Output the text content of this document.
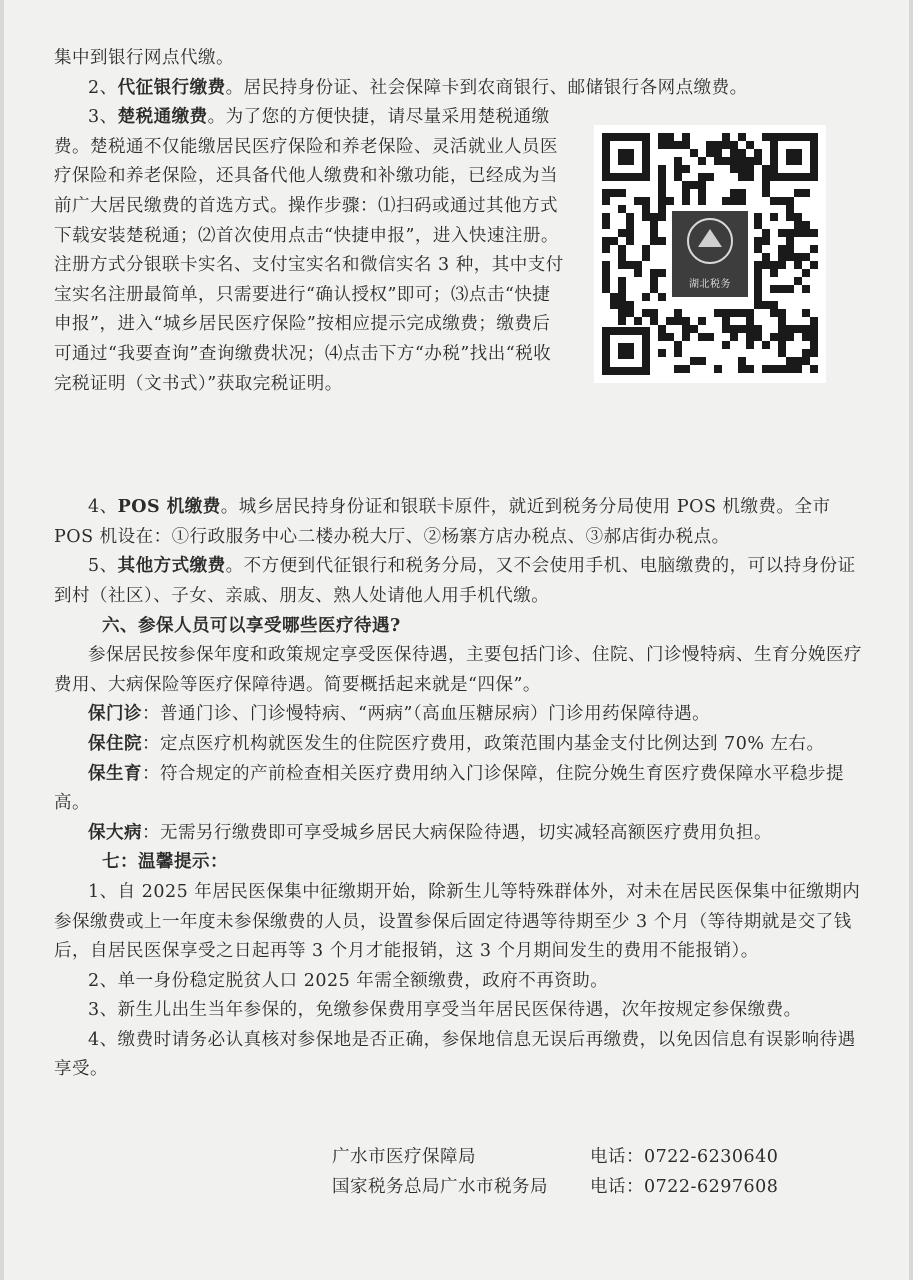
集中到银行网点代缴。

2、代征银行缴费。居民持身份证、社会保障卡到农商银行、邮储银行各网点缴费。

湖北税务

3、楚税通缴费。为了您的方便快捷，请尽量采用楚税通缴费。楚税通不仅能缴居民医疗保险和养老保险、灵活就业人员医疗保险和养老保险，还具备代他人缴费和补缴功能，已经成为当前广大居民缴费的首选方式。操作步骤：⑴扫码或通过其他方式下载安装楚税通；⑵首次使用点击“快捷申报”，进入快速注册。注册方式分银联卡实名、支付宝实名和微信实名 3 种，其中支付宝实名注册最简单，只需要进行“确认授权”即可；⑶点击“快捷申报”，进入“城乡居民医疗保险”按相应提示完成缴费；缴费后可通过“我要查询”查询缴费状况；⑷点击下方“办税”找出“税收完税证明（文书式）”获取完税证明。

4、POS 机缴费。城乡居民持身份证和银联卡原件，就近到税务分局使用 POS 机缴费。全市 POS 机设在：①行政服务中心二楼办税大厅、②杨寨方店办税点、③郝店街办税点。

5、其他方式缴费。不方便到代征银行和税务分局，又不会使用手机、电脑缴费的，可以持身份证到村（社区）、子女、亲戚、朋友、熟人处请他人用手机代缴。

六、参保人员可以享受哪些医疗待遇?

参保居民按参保年度和政策规定享受医保待遇，主要包括门诊、住院、门诊慢特病、生育分娩医疗费用、大病保险等医疗保障待遇。简要概括起来就是“四保”。

保门诊：普通门诊、门诊慢特病、“两病”（高血压糖尿病）门诊用药保障待遇。

保住院：定点医疗机构就医发生的住院医疗费用，政策范围内基金支付比例达到 70% 左右。

保生育：符合规定的产前检查相关医疗费用纳入门诊保障，住院分娩生育医疗费保障水平稳步提高。

保大病：无需另行缴费即可享受城乡居民大病保险待遇，切实减轻高额医疗费用负担。

七：温馨提示：

1、自 2025 年居民医保集中征缴期开始，除新生儿等特殊群体外，对未在居民医保集中征缴期内参保缴费或上一年度未参保缴费的人员，设置参保后固定待遇等待期至少 3 个月（等待期就是交了钱后，自居民医保享受之日起再等 3 个月才能报销，这 3 个月期间发生的费用不能报销）。

2、单一身份稳定脱贫人口 2025 年需全额缴费，政府不再资助。

3、新生儿出生当年参保的，免缴参保费用享受当年居民医保待遇，次年按规定参保缴费。

4、缴费时请务必认真核对参保地是否正确，参保地信息无误后再缴费，以免因信息有误影响待遇享受。

广水市医疗保障局	电话：0722-6230640
国家税务总局广水市税务局	电话：0722-6297608
